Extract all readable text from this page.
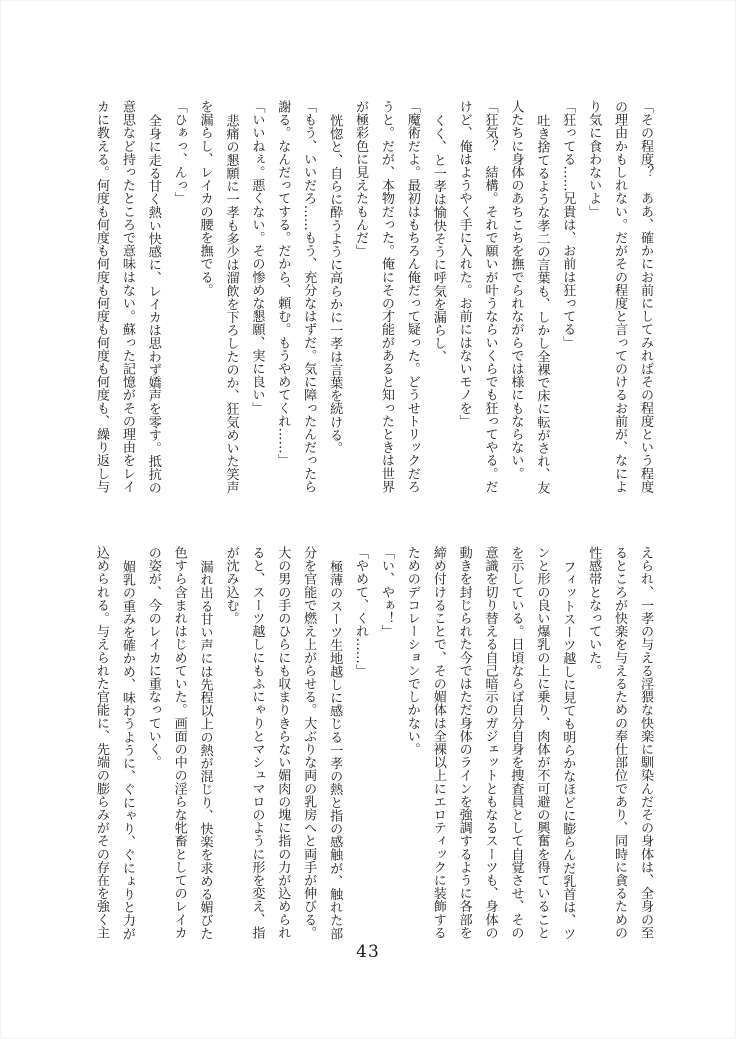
「その程度？　ああ、確かにお前にしてみればその程度という程度

の理由かもしれない。だがその程度と言ってのけるお前が、なによ

り気に食わないよ」

「狂ってる……兄貴は、お前は狂ってる」

吐き捨てるような孝二の言葉も、しかし全裸で床に転がされ、友

人たちに身体のあちこちを撫でられながらでは様にもならない。

「狂気？　結構。それで願いが叶うならいくらでも狂ってやる。だ

けど、俺はようやく手に入れた。お前にはないモノを」

くく、と一孝は愉快そうに呼気を漏らし、

「魔術だよ。最初はもちろん俺だって疑った。どうせトリックだろ

うと。だが、本物だった。俺にその才能があると知ったときは世界

が極彩色に見えたもんだ」

恍惚と、自らに酔うように高らかに一孝は言葉を続ける。

「もう、いいだろ……もう、充分なはずだ。気に障ったんだったら

謝る。なんだってする。だから、頼む。もうやめてくれ……」

「いいねぇ。悪くない。その惨めな懇願、実に良い」

悲痛の懇願に一孝も多少は溜飲を下ろしたのか、狂気めいた笑声

を漏らし、レイカの腰を撫でる。

「ひぁっ、んっ」

全身に走る甘く熱い快感に、レイカは思わず嬌声を零す。抵抗の

意思など持ったところで意味はない。蘇った記憶がその理由をレイ

カに教える。何度も何度も何度も何度も何度も何度も、繰り返し与

えられ、一孝の与える淫猥な快楽に馴染んだその身体は、全身の至

るところが快楽を与えるための奉仕部位であり、同時に貪るための

性感帯となっていた。

フィットスーツ越しに見ても明らかなほどに膨らんだ乳首は、ツ

ンと形の良い爆乳の上に乗り、肉体が不可避の興奮を得ていること

を示している。日頃ならば自分自身を捜査員として自覚させ、その

意識を切り替える自己暗示のガジェットともなるスーツも、身体の

動きを封じられた今ではただ身体のラインを強調するように各部を

締め付けることで、その媚体は全裸以上にエロティックに装飾する

ためのデコレーションでしかない。

「い、やぁ！」

「やめて、くれ……」

極薄のスーツ生地越しに感じる一孝の熱と指の感触が、触れた部

分を官能で燃え上がらせる。大ぶりな両の乳房へと両手が伸びる。

大の男の手のひらにも収まりきらない媚肉の塊に指の力が込められ

ると、スーツ越しにもふにゃりとマシュマロのように形を変え、指

が沈み込む。

漏れ出る甘い声には先程以上の熱が混じり、快楽を求める媚びた

色すら含まれはじめていた。画面の中の淫らな牝畜としてのレイカ

の姿が、今のレイカに重なっていく。

媚乳の重みを確かめ、味わうように、ぐにゃり、ぐにょりと力が

込められる。与えられた官能に、先端の膨らみがその存在を強く主

43
